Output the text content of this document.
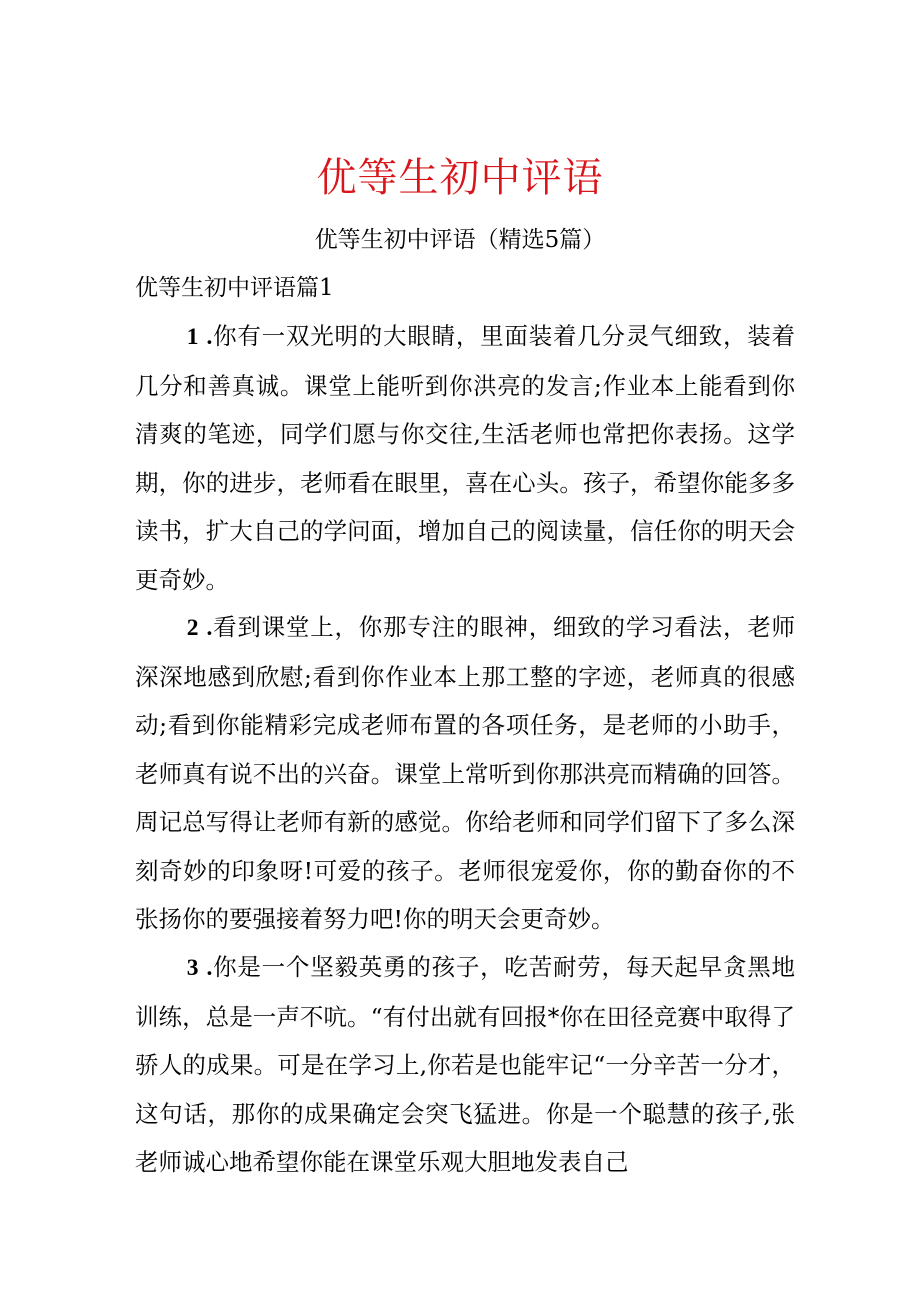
优等生初中评语
优等生初中评语（精选5篇）
优等生初中评语篇1

1 .你有一双光明的大眼睛，里面装着几分灵气细致，装着几分和善真诚。课堂上能听到你洪亮的发言;作业本上能看到你清爽的笔迹，同学们愿与你交往,生活老师也常把你表扬。这学期，你的进步，老师看在眼里，喜在心头。孩子，希望你能多多读书，扩大自己的学问面，增加自己的阅读量，信任你的明天会更奇妙。

2 .看到课堂上，你那专注的眼神，细致的学习看法，老师深深地感到欣慰;看到你作业本上那工整的字迹，老师真的很感动;看到你能精彩完成老师布置的各项任务，是老师的小助手，老师真有说不出的兴奋。课堂上常听到你那洪亮而精确的回答。周记总写得让老师有新的感觉。你给老师和同学们留下了多么深刻奇妙的印象呀!可爱的孩子。老师很宠爱你，你的勤奋你的不张扬你的要强接着努力吧!你的明天会更奇妙。

3 .你是一个坚毅英勇的孩子，吃苦耐劳，每天起早贪黑地训练，总是一声不吭。“有付出就有回报*你在田径竞赛中取得了骄人的成果。可是在学习上,你若是也能牢记“一分辛苦一分才，这句话，那你的成果确定会突飞猛进。你是一个聪慧的孩子,张老师诚心地希望你能在课堂乐观大胆地发表自己
